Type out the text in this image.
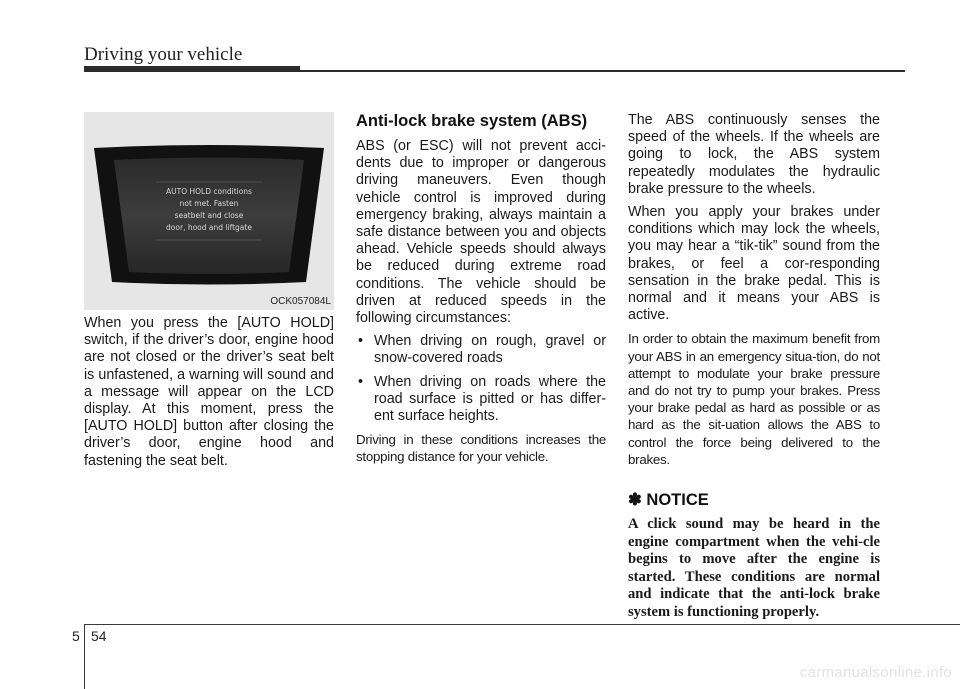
Driving your vehicle
AUTO HOLD conditions
not met. Fasten
seatbelt and close
door, hood and liftgate
OCK057084L

When you press the [AUTO HOLD] switch, if the driver’s door, engine hood are not closed or the driver’s seat belt is unfastened, a warning will sound and a message will appear on the LCD display. At this moment, press the [AUTO HOLD] button after closing the driver’s door, engine hood and fastening the seat belt.

Anti-lock brake system (ABS)

ABS (or ESC) will not prevent acci-dents due to improper or dangerous driving maneuvers. Even though vehicle control is improved during emergency braking, always maintain a safe distance between you and objects ahead. Vehicle speeds should always be reduced during extreme road conditions. The vehicle should be driven at reduced speeds in the following circumstances:

• When driving on rough, gravel or snow-covered roads
• When driving on roads where the road surface is pitted or has differ-ent surface heights.

Driving in these conditions increases the stopping distance for your vehicle.

The ABS continuously senses the speed of the wheels. If the wheels are going to lock, the ABS system repeatedly modulates the hydraulic brake pressure to the wheels.

When you apply your brakes under conditions which may lock the wheels, you may hear a “tik-tik” sound from the brakes, or feel a cor-responding sensation in the brake pedal. This is normal and it means your ABS is active.

In order to obtain the maximum benefit from your ABS in an emergency situa-tion, do not attempt to modulate your brake pressure and do not try to pump your brakes. Press your brake pedal as hard as possible or as hard as the sit-uation allows the ABS to control the force being delivered to the brakes.

✽ NOTICE

A click sound may be heard in the engine compartment when the vehi-cle begins to move after the engine is started. These conditions are normal and indicate that the anti-lock brake system is functioning properly.

5 54
carmanualsonline.info
